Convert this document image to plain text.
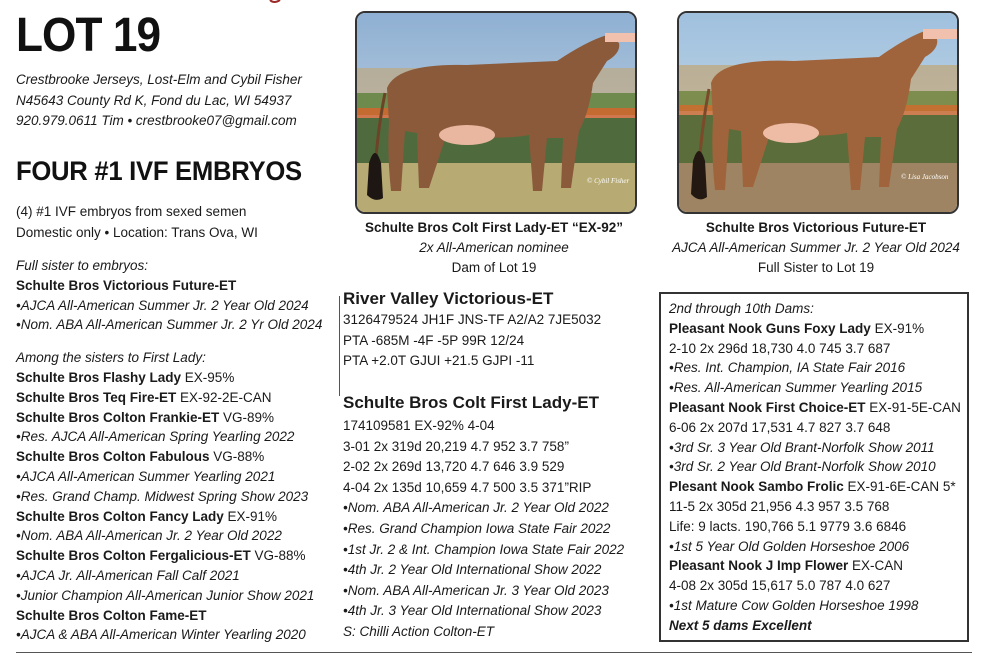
LOT 19
Crestbrooke Jerseys, Lost-Elm and Cybil Fisher
N45643 County Rd K, Fond du Lac, WI 54937
920.979.0611 Tim • crestbrooke07@gmail.com
FOUR #1 IVF EMBRYOS
(4) #1 IVF embryos from sexed semen
Domestic only • Location: Trans Ova, WI
Full sister to embryos:
Schulte Bros Victorious Future-ET
•AJCA All-American Summer Jr. 2 Year Old 2024
•Nom. ABA All-American Summer Jr. 2 Yr Old 2024
Among the sisters to First Lady:
Schulte Bros Flashy Lady EX-95%
Schulte Bros Teq Fire-ET EX-92-2E-CAN
Schulte Bros Colton Frankie-ET VG-89%
•Res. AJCA All-American Spring Yearling 2022
Schulte Bros Colton Fabulous VG-88%
•AJCA All-American Summer Yearling 2021
•Res. Grand Champ. Midwest Spring Show 2023
Schulte Bros Colton Fancy Lady EX-91%
•Nom. ABA All-American Jr. 2 Year Old 2022
Schulte Bros Colton Fergalicious-ET VG-88%
•AJCA Jr. All-American Fall Calf 2021
•Junior Champion All-American Junior Show 2021
Schulte Bros Colton Fame-ET
•AJCA & ABA All-American Winter Yearling 2020
© Cybil Fisher
Schulte Bros Colt First Lady-ET “EX-92”
2x All-American nominee
Dam of Lot 19
© Lisa Jacobson
Schulte Bros Victorious Future-ET
AJCA All-American Summer Jr. 2 Year Old 2024
Full Sister to Lot 19
River Valley Victorious-ET
3126479524 JH1F JNS-TF A2/A2 7JE5032
PTA -685M -4F -5P 99R 12/24
PTA +2.0T GJUI +21.5 GJPI -11
Schulte Bros Colt First Lady-ET
174109581 EX-92% 4-04
3-01 2x 319d 20,219 4.7 952 3.7 758”
2-02 2x 269d 13,720 4.7 646 3.9 529
4-04 2x 135d 10,659 4.7 500 3.5 371”RIP
•Nom. ABA All-American Jr. 2 Year Old 2022
•Res. Grand Champion Iowa State Fair 2022
•1st Jr. 2 & Int. Champion Iowa State Fair 2022
•4th Jr. 2 Year Old International Show 2022
•Nom. ABA All-American Jr. 3 Year Old 2023
•4th Jr. 3 Year Old International Show 2023
S: Chilli Action Colton-ET
2nd through 10th Dams:
Pleasant Nook Guns Foxy Lady EX-91%
2-10 2x 296d 18,730 4.0 745 3.7 687
•Res. Int. Champion, IA State Fair 2016
•Res. All-American Summer Yearling 2015
Pleasant Nook First Choice-ET EX-91-5E-CAN
6-06 2x 207d 17,531 4.7 827 3.7 648
•3rd Sr. 3 Year Old Brant-Norfolk Show 2011
•3rd Sr. 2 Year Old Brant-Norfolk Show 2010
Plesant Nook Sambo Frolic EX-91-6E-CAN 5*
11-5 2x 305d 21,956 4.3 957 3.5 768
Life: 9 lacts. 190,766 5.1 9779 3.6 6846
•1st 5 Year Old Golden Horseshoe 2006
Pleasant Nook J Imp Flower EX-CAN
4-08 2x 305d 15,617 5.0 787 4.0 627
•1st Mature Cow Golden Horseshoe 1998
Next 5 dams Excellent
